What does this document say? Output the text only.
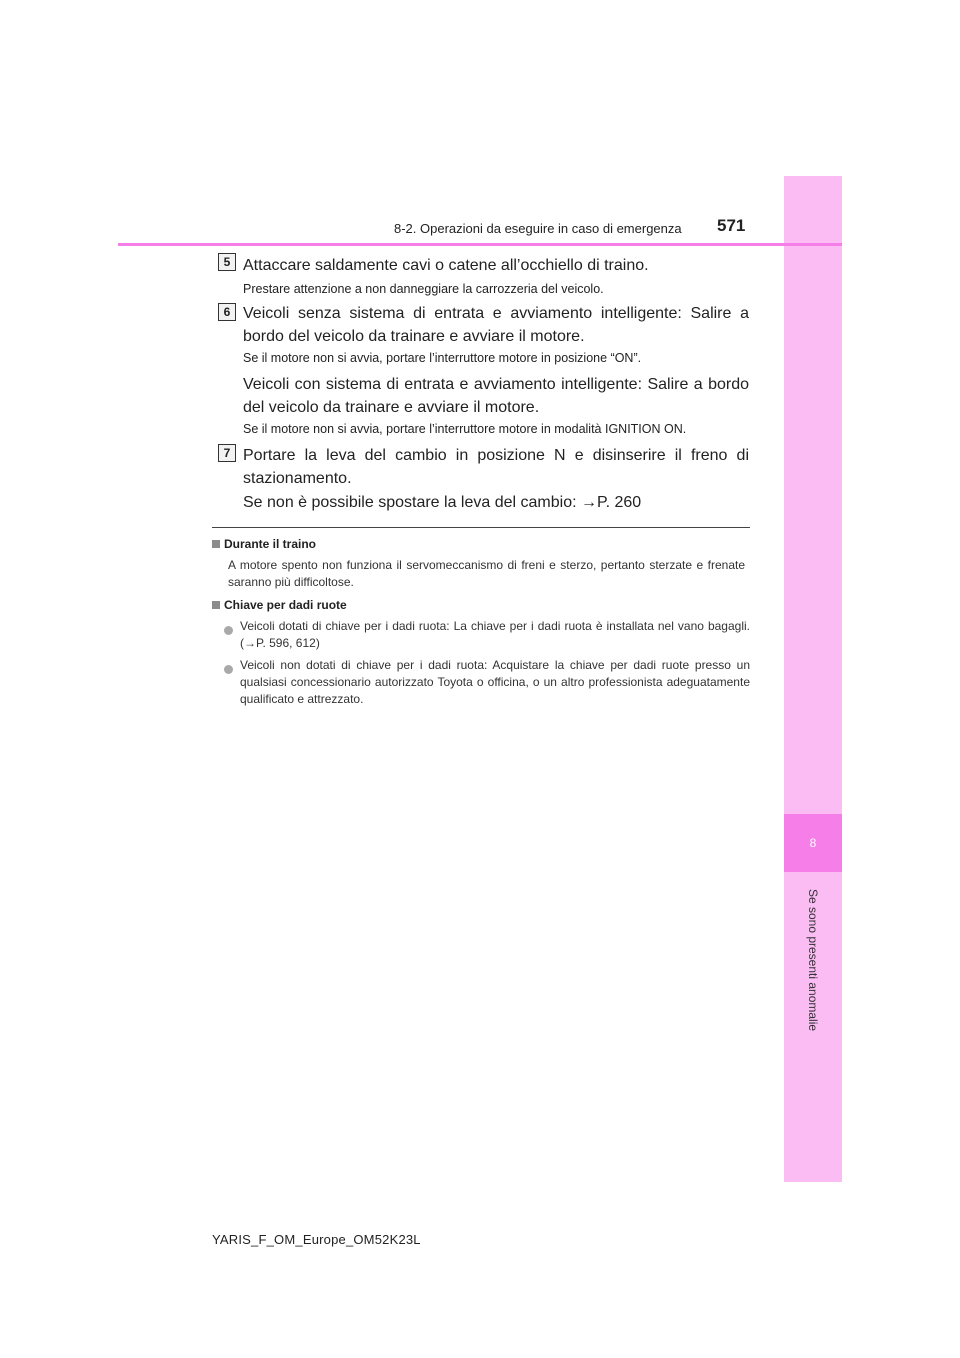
8
Se sono presenti anomalie
8-2. Operazioni da eseguire in caso di emergenza 571
5 Attaccare saldamente cavi o catene all’occhiello di traino.
Prestare attenzione a non danneggiare la carrozzeria del veicolo.
6 Veicoli senza sistema di entrata e avviamento intelligente: Salire a bordo del veicolo da trainare e avviare il motore.
Se il motore non si avvia, portare l’interruttore motore in posizione “ON”.
Veicoli con sistema di entrata e avviamento intelligente: Salire a bordo del veicolo da trainare e avviare il motore.
Se il motore non si avvia, portare l’interruttore motore in modalità IGNITION ON.
7 Portare la leva del cambio in posizione N e disinserire il freno di stazionamento.
Se non è possibile spostare la leva del cambio: →P. 260
Durante il traino
A motore spento non funziona il servomeccanismo di freni e sterzo, pertanto sterzate e frenate saranno più difficoltose.
Chiave per dadi ruote
Veicoli dotati di chiave per i dadi ruota: La chiave per i dadi ruota è installata nel vano bagagli. (→P. 596, 612)
Veicoli non dotati di chiave per i dadi ruota: Acquistare la chiave per dadi ruote presso un qualsiasi concessionario autorizzato Toyota o officina, o un altro professionista adeguatamente qualificato e attrezzato.
YARIS_F_OM_Europe_OM52K23L
